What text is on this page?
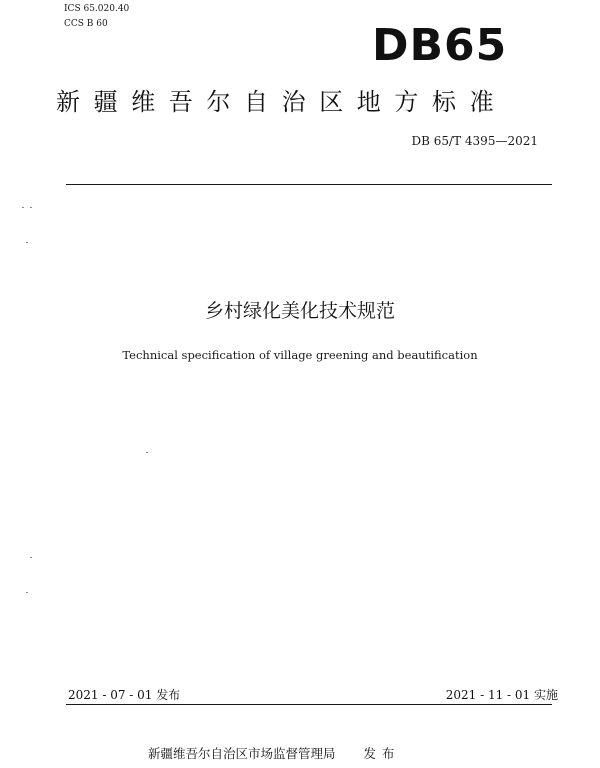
ICS 65.020.40
CCS B 60	DB65
新疆维吾尔自治区地方标准
DB 65/T 4395—2021
乡村绿化美化技术规范
Technical specification of village greening and beautification
2021 - 07 - 01 发布	2021 - 11 - 01 实施
新疆维吾尔自治区市场监督管理局 发布
